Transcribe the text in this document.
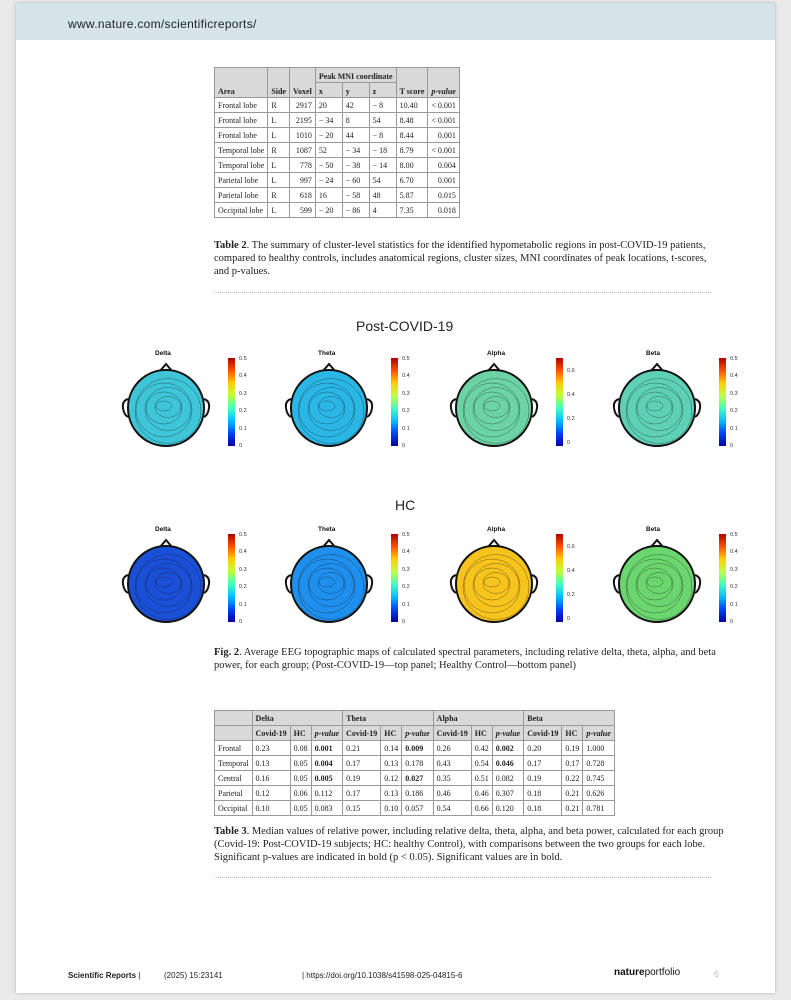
www.nature.com/scientificreports/
Area	Side	Voxel	Peak MNI coordinate			T score	p-value
			x	y	z		
Frontal lobe	R	2917	20	42	− 8	10.40	< 0.001
Frontal lobe	L	2195	− 34	8	54	8.48	< 0.001
Frontal lobe	L	1010	− 20	44	− 8	8.44	0.001
Temporal lobe	R	1087	52	− 34	− 18	8.79	< 0.001
Temporal lobe	L	778	− 50	− 38	− 14	8.00	0.004
Parietal lobe	L	997	− 24	− 60	54	6.70	0.001
Parietal lobe	R	618	16	− 58	48	5.87	0.015
Occipital lobe	L	599	− 20	− 86	4	7.35	0.018
Table 2. The summary of cluster-level statistics for the identified hypometabolic regions in post-COVID-19 patients, compared to healthy controls, includes anatomical regions, cluster sizes, MNI coordinates of peak locations, t-scores, and p-values.
Post-COVID-19
HC
Delta
0.5
0.4
0.3
0.2
0.1
0
Theta
0.5
0.4
0.3
0.2
0.1
0
Alpha
0.6
0.4
0.2
0
Beta
0.5
0.4
0.3
0.2
0.1
0
Delta
0.5
0.4
0.3
0.2
0.1
0
Theta
0.5
0.4
0.3
0.2
0.1
0
Alpha
0.6
0.4
0.2
0
Beta
0.5
0.4
0.3
0.2
0.1
0
Fig. 2. Average EEG topographic maps of calculated spectral parameters, including relative delta, theta, alpha, and beta power, for each group; (Post-COVID-19—top panel; Healthy Control—bottom panel)
	Delta			Theta			Alpha			Beta		
	Covid-19	HC	p-value	Covid-19	HC	p-value	Covid-19	HC	p-value	Covid-19	HC	p-value
Frontal	0.23	0.08	0.001	0.21	0.14	0.009	0.26	0.42	0.002	0.20	0.19	1.000
Temporal	0.13	0.05	0.004	0.17	0.13	0.178	0.43	0.54	0.046	0.17	0.17	0.728
Central	0.16	0.05	0.005	0.19	0.12	0.027	0.35	0.51	0.082	0.19	0.22	0.745
Parietal	0.12	0.06	0.112	0.17	0.13	0.186	0.46	0.46	0.307	0.18	0.21	0.626
Occipital	0.10	0.05	0.083	0.15	0.10	0.057	0.54	0.66	0.120	0.18	0.21	0.781
Table 3. Median values of relative power, including relative delta, theta, alpha, and beta power, calculated for each group (Covid-19: Post-COVID-19 subjects; HC: healthy Control), with comparisons between the two groups for each lobe. Significant p-values are indicated in bold (p < 0.05). Significant values are in bold.
Scientific Reports |	(2025) 15:23141	| https://doi.org/10.1038/s41598-025-04815-6	natureportfolio	6
